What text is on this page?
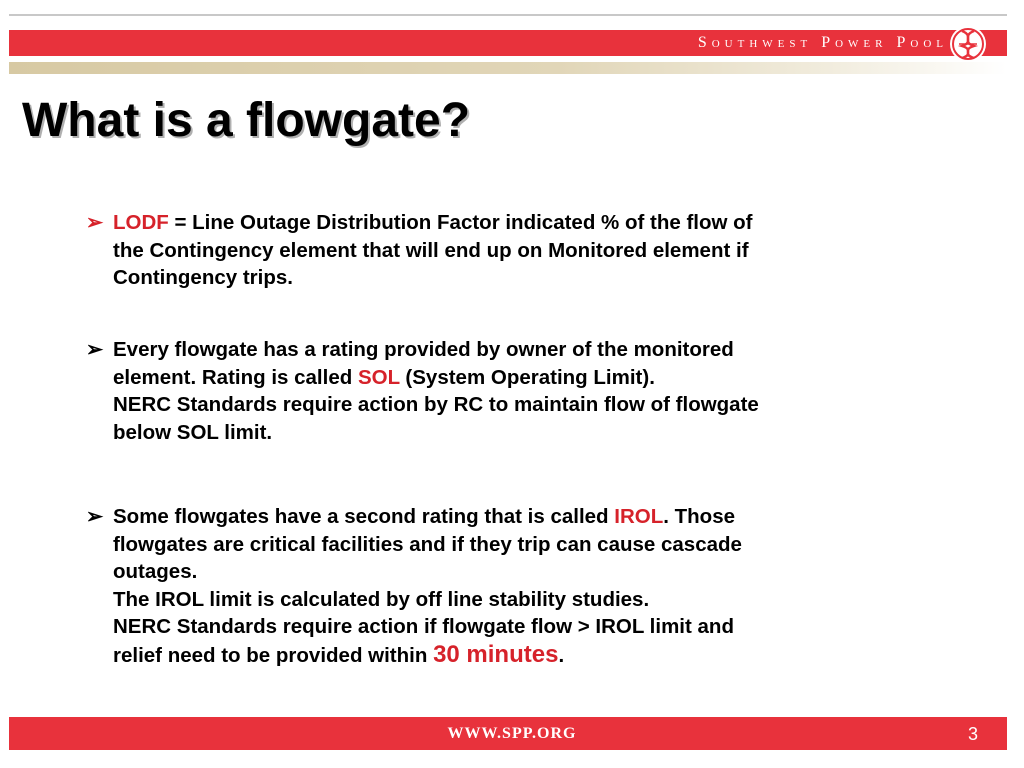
Southwest Power Pool
What is a flowgate?
➢ LODF = Line Outage Distribution Factor indicated % of the flow of
the Contingency element that will end up on Monitored element if
Contingency trips.
➢ Every flowgate has a rating provided by owner of the monitored
element. Rating is called SOL (System Operating Limit).
NERC Standards require action by RC to maintain flow of flowgate
below SOL limit.
➢ Some flowgates have a second rating that is called IROL. Those
flowgates are critical facilities and if they trip can cause cascade
outages.
The IROL limit is calculated by off line stability studies.
NERC Standards require action if flowgate flow > IROL limit and
relief need to be provided within 30 minutes.
WWW.SPP.ORG	3
